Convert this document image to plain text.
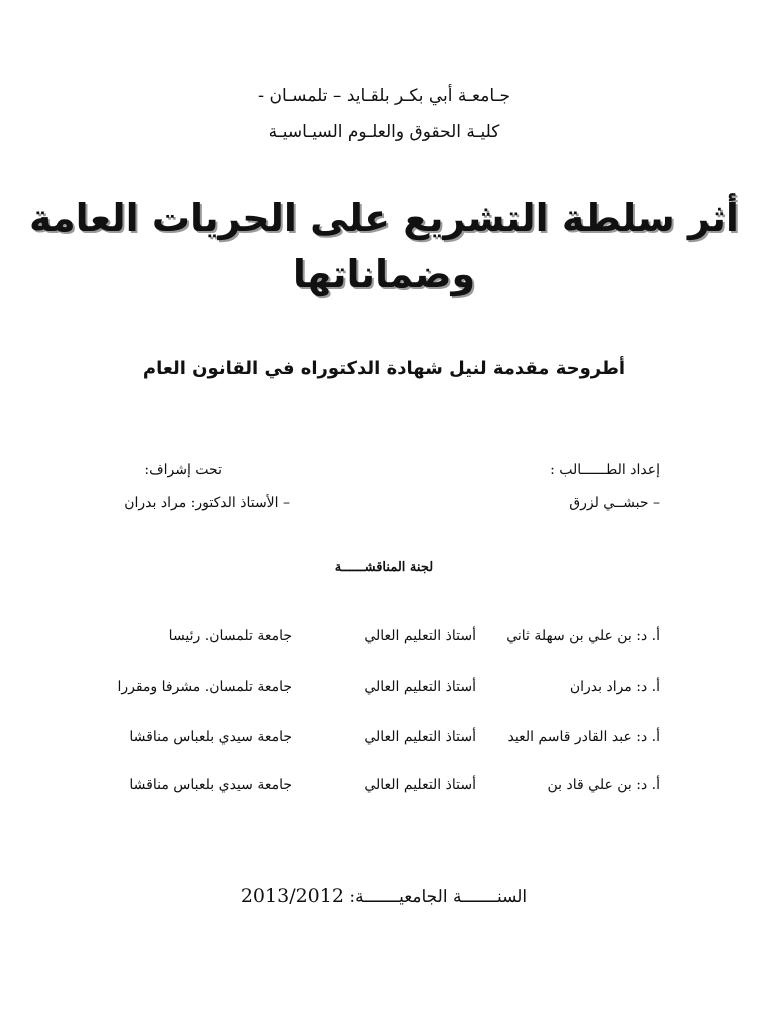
جـامعـة أبي بكـر بلقـايد – تلمسـان -
كليـة الحقوق والعلـوم السيـاسيـة
أثر سلطة التشريع على الحريات العامة
وضماناتها
أطروحة مقدمة لنيل شهادة الدكتوراه في القانون العام
إعداد الطــــــالب :
– حبشــي لزرق
تحت إشراف:
– الأستاذ الدكتور: مراد بدران
لجنة المناقشــــــة
أ. د: بن علي بن سهلة ثاني
أستاذ التعليم العالي
جامعة تلمسان. رئيسا
أ. د: مراد بدران
أستاذ التعليم العالي
جامعة تلمسان. مشرفا ومقررا
أ. د: عبد القادر قاسم العيد
أستاذ التعليم العالي
جامعة سيدي بلعباس مناقشا
أ. د: بن علي قاد بن
أستاذ التعليم العالي
جامعة سيدي بلعباس مناقشا
السنـــــــة الجامعيـــــــة: 2013/2012
